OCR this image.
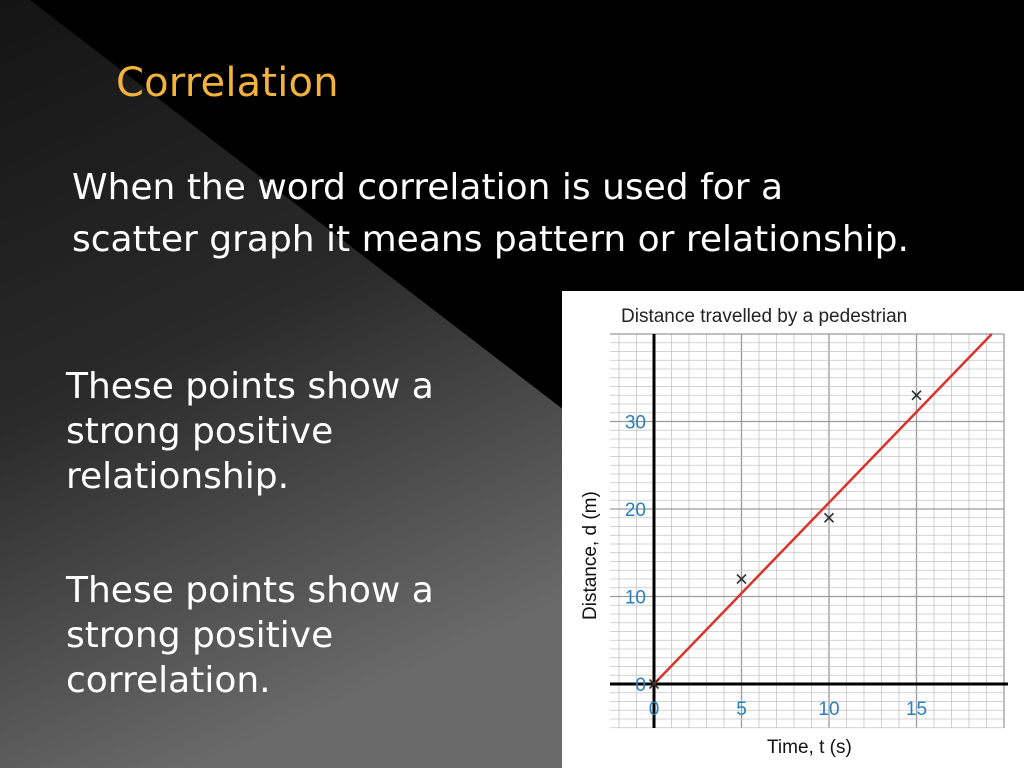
Correlation
When the word correlation is used for a scatter graph it means pattern or relationship.
These points show a strong positive relationship.
These points show a strong positive correlation.
Distance travelled by a pedestrian
0	5	10	15
0
10
20
30
Time, t (s)
Distance, d (m)
